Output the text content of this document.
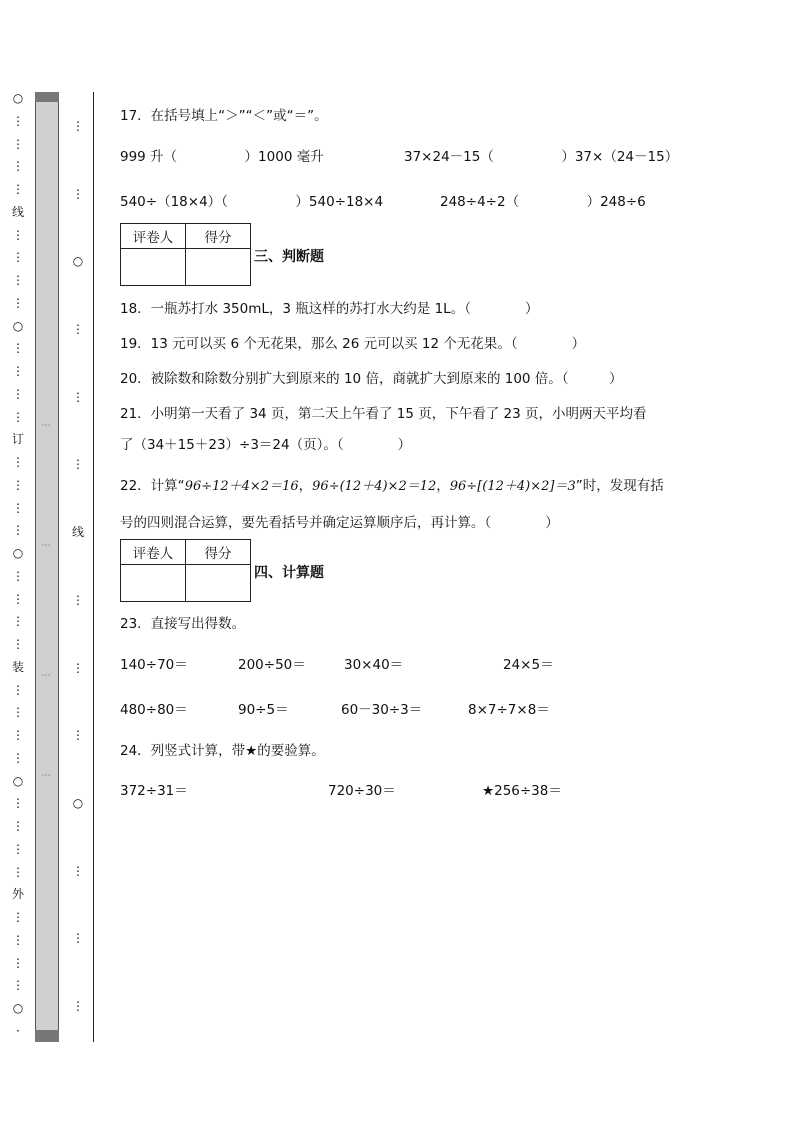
○
⋮
⋮
⋮
⋮
线
⋮
⋮
⋮
⋮
○
⋮
⋮
⋮
⋮
订
⋮
⋮
⋮
⋮
○
⋮
⋮
⋮
⋮
装
⋮
⋮
⋮
⋮
○
⋮
⋮
⋮
⋮
外
⋮
⋮
⋮
⋮
○
·
⋯
⋯
⋯
⋯
⋮
⋮
○
⋮
⋮
⋮
线
⋮
⋮
⋮
○
⋮
⋮
⋮
17．在括号填上“＞”“＜”或“＝”。
999 升（　　　　　）1000 毫升	37×24－15（　　　　　）37×（24－15）
540÷（18×4）（　　　　　）540÷18×4	248÷4÷2（　　　　　）248÷6
评卷人	得分

三、判断题
18．一瓶苏打水 350mL，3 瓶这样的苏打水大约是 1L。（　　　　）
19．13 元可以买 6 个无花果，那么 26 元可以买 12 个无花果。（　　　　）
20．被除数和除数分别扩大到原来的 10 倍，商就扩大到原来的 100 倍。（　　　）
21．小明第一天看了 34 页，第二天上午看了 15 页，下午看了 23 页，小明两天平均看
了（34＋15＋23）÷3＝24（页）。（　　　　）
22．计算“96÷12＋4×2＝16，96÷(12＋4)×2＝12，96÷[(12＋4)×2]＝3”时，发现有括
号的四则混合运算，要先看括号并确定运算顺序后，再计算。（　　　　）
评卷人	得分

四、计算题
23．直接写出得数。
140÷70＝	200÷50＝	30×40＝	24×5＝
480÷80＝	90÷5＝	60－30÷3＝	8×7÷7×8＝
24．列竖式计算，带★的要验算。
372÷31＝	720÷30＝	★256÷38＝
